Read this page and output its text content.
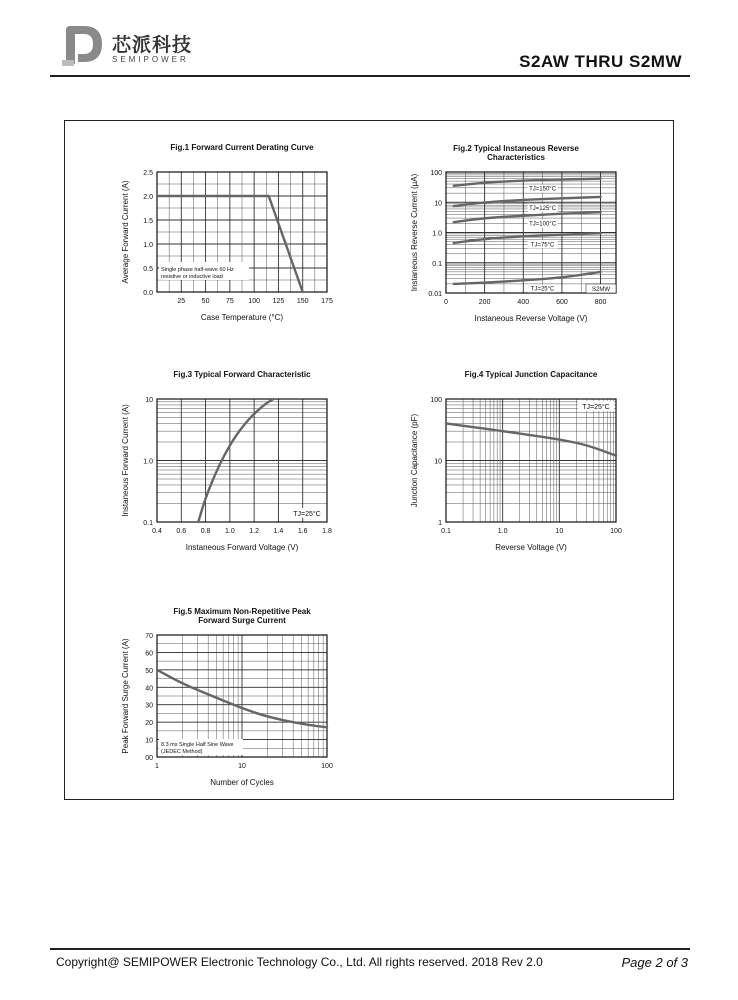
芯派科技
SEMIPOWER	S2AW THRU S2MW
0.0
0.5
1.0
1.5
2.0
2.5
25 50 75 100 125 150 175
Fig.1 Forward Current Derating Curve
Case Temperature (°C)
Average Forward Current (A)	Single phase half-wave 60 Hz
resistive or inductive load
0.01
0.1
1.0
10
100
0	200	400	600	800
Fig.2 Typical Instaneous Reverse
Characteristics
Instaneous Reverse Voltage (V)
Instaneous Reverse Current (µA)	TJ=150°C
TJ=125°C
TJ=100°C
TJ=75°C
TJ=25°C	S2MW
0.1
1.0
10
0.4 0.6 0.8 1.0 1.2 1.4 1.6 1.8
Fig.3 Typical Forward Characteristic
Instaneous Forward Voltage (V)
Instaneous Forward Current (A)	TJ=25°C
1
10
100
0.1	1.0	10	100
Fig.4 Typical Junction Capacitance
Reverse Voltage (V)
Junction Capacitance (pF)
TJ=25°C
00
10
20
30
40
50
60
70
1	10	100
Fig.5 Maximum Non-Repetitive Peak
Forward Surge Current
Number of Cycles
Peak Forward Surge Current (A)	8.3 ms Single Half Sine Wave
(JEDEC Method)
Copyright@ SEMIPOWER Electronic Technology Co., Ltd. All rights reserved. 2018 Rev 2.0	Page 2 of 3
